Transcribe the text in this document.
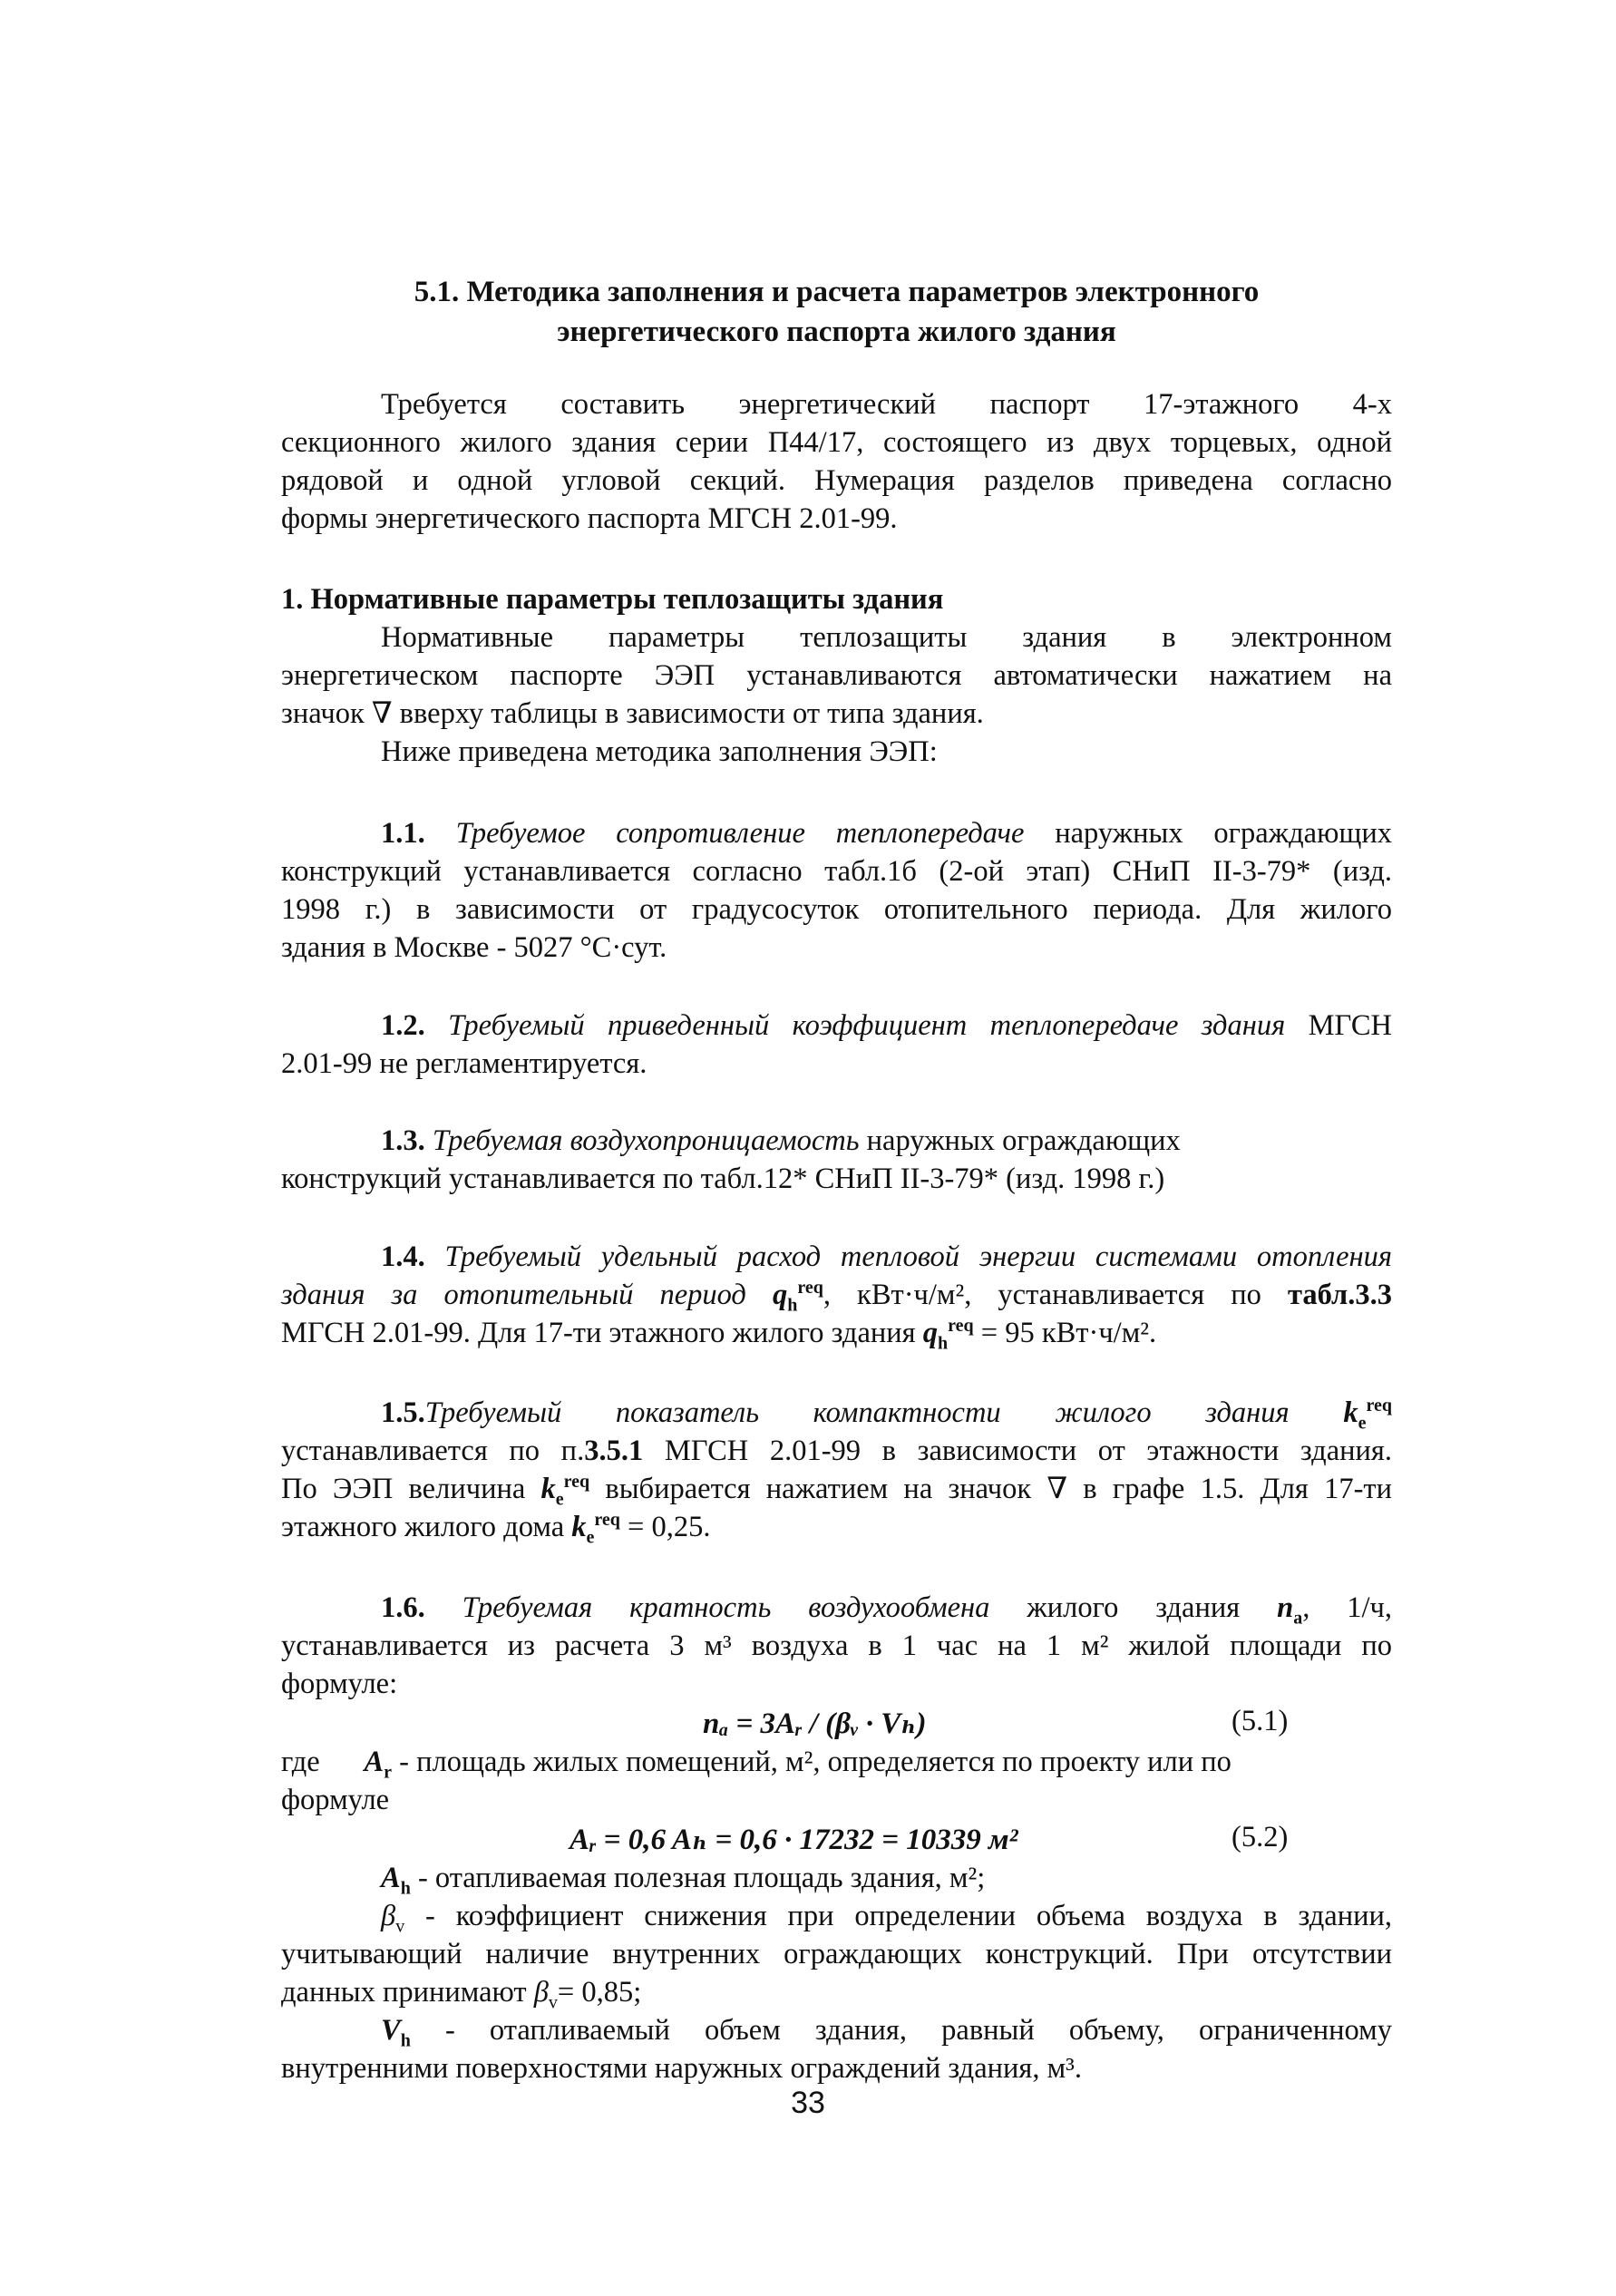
5.1. Методика заполнения и расчета параметров электронного
энергетического паспорта жилого здания
Требуется составить энергетический паспорт 17-этажного 4-х
секционного жилого здания серии П44/17, состоящего из двух торцевых, одной
рядовой и одной угловой секций. Нумерация разделов приведена согласно
формы энергетического паспорта МГСН 2.01-99.
1. Нормативные параметры теплозащиты здания
Нормативные параметры теплозащиты здания в электронном
энергетическом паспорте ЭЭП устанавливаются автоматически нажатием на
значок ∇ вверху таблицы в зависимости от типа здания.
Ниже приведена методика заполнения ЭЭП:
1.1. Требуемое сопротивление теплопередаче наружных ограждающих
конструкций устанавливается согласно табл.1б (2-ой этап) СНиП II-3-79* (изд.
1998 г.) в зависимости от градусосуток отопительного периода. Для жилого
здания в Москве - 5027 °С·сут.
1.2. Требуемый приведенный коэффициент теплопередаче здания МГСН
2.01-99 не регламентируется.
1.3. Требуемая воздухопроницаемость наружных ограждающих
конструкций устанавливается по табл.12* СНиП II-3-79* (изд. 1998 г.)
1.4. Требуемый удельный расход тепловой энергии системами отопления
здания за отопительный период $q_h^{req}$, кВт·ч/м², устанавливается по табл.3.3
МГСН 2.01-99. Для 17-ти этажного жилого здания $q_h^{req} = 95$ кВт·ч/м².
1.5.Требуемый показатель компактности жилого здания $k_e^{req}$
устанавливается по п.3.5.1 МГСН 2.01-99 в зависимости от этажности здания.
По ЭЭП величина $k_e^{req}$ выбирается нажатием на значок ∇ в графе 1.5. Для 17-ти
этажного жилого дома $k_e^{req} = 0,25$.
1.6. Требуемая кратность воздухообмена жилого здания $n_a$, 1/ч,
устанавливается из расчета 3 м³ воздуха в 1 час на 1 м² жилой площади по
формуле:
nₐ = 3Aᵣ / (βᵥ · Vₕ)	(5.1)
где $A_r$ - площадь жилых помещений, м², определяется по проекту или по
формуле
Aᵣ = 0,6 Aₕ = 0,6 · 17232 = 10339 м²	(5.2)
$A_h$ - отапливаемая полезная площадь здания, м²;
$\beta_v$ - коэффициент снижения при определении объема воздуха в здании,
учитывающий наличие внутренних ограждающих конструкций. При отсутствии
данных принимают $\beta_v= 0,85$;
$V_h$ - отапливаемый объем здания, равный объему, ограниченному
внутренними поверхностями наружных ограждений здания, м³.
33
